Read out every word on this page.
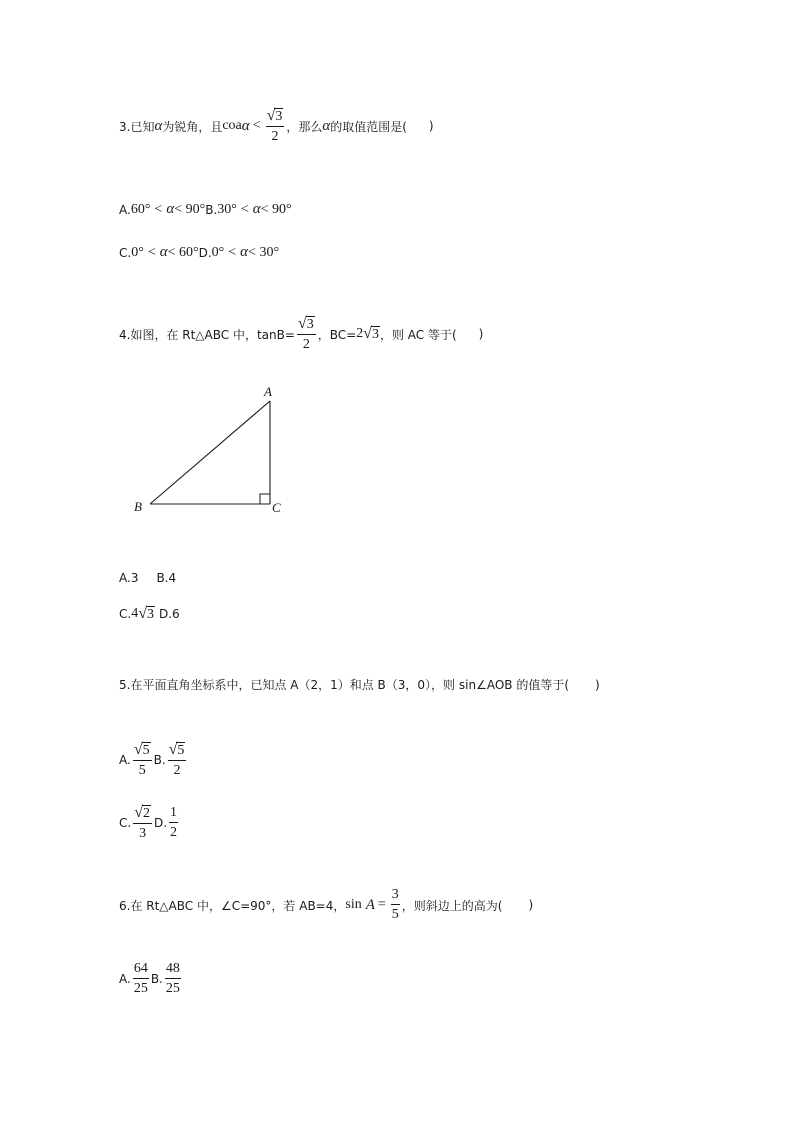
3.已知 α 为锐角，且 coa $\alpha < \frac{√ 3}{2}$ ，那么 α 的取值范围是( )
A. 60° < α < 90° B. 30° < α < 90°
C. 0° < α < 60° D. 0° < α < 30°
4.如图，在 Rt△ABC 中，$\tan B= \frac{√ 3}{2}$ ，BC= 2 √ 3 ，则 AC 等于( )
A
B	C
A.3 B.4
C. 4 √ 3 D.6
5.在平面直角坐标系中，已知点 A（2，1）和点 B（3，0），则 sin∠AOB 的值等于( )
A. $\frac{√ 5}{5} B$. $\frac{√ 5}{2}$
C. $\frac{√ 2}{3} D$. $\frac{1}{2}$
6.在 Rt△ABC 中，∠C=90°，若 AB=4， $\sin A = \frac{3}{5}$ ，则斜边上的高为( )
A. $\frac{64}{25} B$. $\frac{48}{25}$
